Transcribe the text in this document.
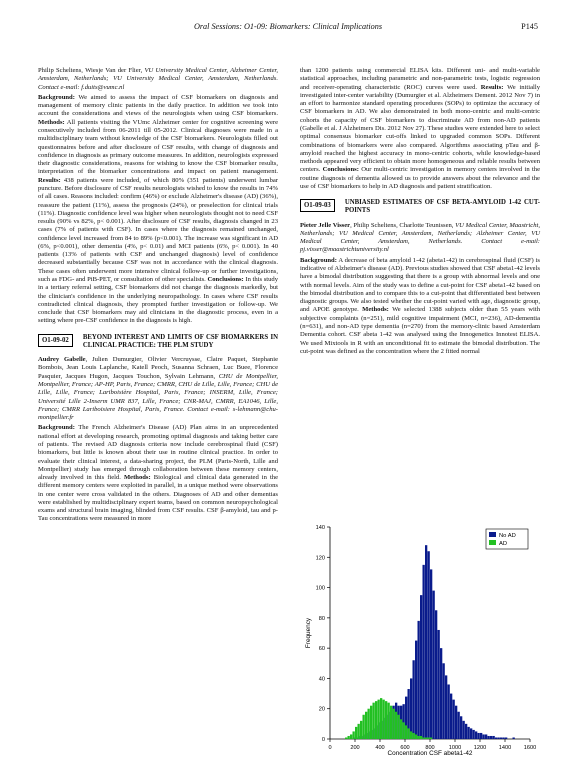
Oral Sessions: O1-09: Biomarkers: Clinical Implications	P145

Philip Scheltens, Wiesje Van der Flier, VU University Medical Center, Alzheimer Center, Amsterdam, Netherlands; VU University Medical Center, Amsterdam, Netherlands. Contact e-mail: f.duits@vumc.nl

Background: We aimed to assess the impact of CSF biomarkers on diagnosis and management of memory clinic patients in the daily practice. In addition we took into account the considerations and views of the neurologists when using CSF biomarkers. Methods: All patients visiting the VUmc Alzheimer center for cognitive screening were consecutively included from 06-2011 till 05-2012. Clinical diagnoses were made in a multidisciplinary team without knowledge of the CSF biomarkers. Neurologists filled out questionnaires before and after disclosure of CSF results, with change of diagnosis and confidence in diagnosis as primary outcome measures. In addition, neurologists expressed their diagnostic considerations, reasons for wishing to know the CSF biomarker results, interpretation of the biomarker concentrations and impact on patient management. Results: 438 patients were included, of which 80% (351 patients) underwent lumbar puncture. Before disclosure of CSF results neurologists wished to know the results in 74% of all cases. Reasons included: confirm (46%) or exclude Alzheimer's disease (AD) (36%), reassure the patient (11%), assess the prognosis (24%), or preselection for clinical trials (11%). Diagnostic confidence level was higher when neurologists thought not to need CSF results (90% vs 82%, p< 0.001). After disclosure of CSF results, diagnosis changed in 23 cases (7% of patients with CSF). In cases where the diagnosis remained unchanged, confidence level increased from 84 to 89% (p<0.001). The increase was significant in AD (6%, p<0.001), other dementia (4%, p< 0.01) and MCI patients (6%, p< 0.001). In 40 patients (13% of patients with CSF and unchanged diagnosis) level of confidence decreased substantially because CSF was not in accordance with the clinical diagnosis. These cases often underwent more intensive clinical follow-up or further investigations, such as FDG- and PiB-PET, or consultation of other specialists. Conclusions: In this study in a tertiary referral setting, CSF biomarkers did not change the diagnosis markedly, but the clinician's confidence in the underlying neuropathology. In cases where CSF results contradicted clinical diagnosis, they prompted further investigation or follow-up. We conclude that CSF biomarkers may aid clinicians in the diagnostic process, even in a setting where pre-CSF confidence in the diagnosis is high.

O1-09-02	BEYOND INTEREST AND LIMITS OF CSF BIOMARKERS IN CLINICAL PRACTICE: THE PLM STUDY

Audrey Gabelle, Julien Dumurgier, Olivier Vercruysse, Claire Paquet, Stephanie Bombois, Jean Louis Laplanche, Katell Peoch, Susanna Schraen, Luc Buee, Florence Pasquier, Jacques Hugon, Jacques Touchon, Sylvain Lehmann, CHU de Montpellier, Montpellier, France; AP-HP, Paris, France; CMRR, CHU de Lille, Lille, France; CHU de Lille, Lille, France; Lariboisière Hospital, Paris, France; INSERM, Lille, France; Université Lille 2-Inserm UMR 837, Lille, France; CNR-MAJ, CMRR, EA1046, Lille, France; CMRR Lariboisiere Hospital, Paris, France. Contact e-mail: s-lehmann@chu-montpellier.fr

Background: The French Alzheimer's Disease (AD) Plan aims in an unprecedented national effort at developing research, promoting optimal diagnosis and taking better care of patients. The revised AD diagnosis criteria now include cerebrospinal fluid (CSF) biomarkers, but little is known about their use in routine clinical practice. In order to evaluate their clinical interest, a data-sharing project, the PLM (Paris-North, Lille and Montpellier) study has emerged through collaboration between these memory centers, already involved in this field. Methods: Biological and clinical data generated in the different memory centers were exploited in parallel, in a unique method were observations in one center were cross validated in the others. Diagnoses of AD and other dementias were established by multidisciplinary expert teams, based on common neuropsychological exams and structural brain imaging, blinded from CSF results. CSF β-amyloid, tau and p-Tau concentrations were measured in more

than 1200 patients using commercial ELISA kits. Different uni- and multi-variable statistical approaches, including parametric and non-parametric tests, logistic regression and receiver-operating characteristic (ROC) curves were used. Results: We initially investigated inter-center variability (Dumurgier et al. Alzheimers Dement. 2012 Nov 7) in an effort to harmonize standard operating procedures (SOPs) to optimize the accuracy of CSF biomarkers in AD. We also demonstrated in both mono-centric and multi-centric cohorts the capacity of CSF biomarkers to discriminate AD from non-AD patients (Gabelle et al. J Alzheimers Dis. 2012 Nov 27). These studies were extended here to select optimal consensus biomarker cut-offs linked to upgraded common SOPs. Different combinations of biomarkers were also compared. Algorithms associating pTau and β-amyloid reached the highest accuracy in mono-centric cohorts, while knowledge-based methods appeared very efficient to obtain more homogeneous and reliable results between centers. Conclusions: Our multi-centric investigation in memory centers involved in the routine diagnosis of dementia allowed us to provide answers about the relevance and the use of CSF biomarkers to help in AD diagnosis and patient stratification.

O1-09-03	UNBIASED ESTIMATES OF CSF BETA-AMYLOID 1-42 CUT-POINTS

Pieter Jelle Visser, Philip Scheltens, Charlotte Teunissen, VU Medical Center, Maastricht, Netherlands; VU Medical Center, Amsterdam, Netherlands; Alzheimer Center, VU Medical Center, Amsterdam, Netherlands. Contact e-mail: pj.visser@maastrichtuniversity.nl

Background: A decrease of beta amyloid 1-42 (abeta1-42) in cerebrospinal fluid (CSF) is indicative of Alzheimer's disease (AD). Previous studies showed that CSF abeta1-42 levels have a bimodal distribution suggesting that there is a group with abnormal levels and one with normal levels. Aim of the study was to define a cut-point for CSF abeta1-42 based on the bimodal distribution and to compare this to a cut-point that differentiated best between diagnostic groups. We also tested whether the cut-point varied with age, diagnostic group, and APOE genotype. Methods: We selected 1388 subjects older than 55 years with subjective complaints (n=251), mild cognitive impairment (MCI, n=236), AD-dementia (n=631), and non-AD type dementia (n=270) from the memory-clinic based Amsterdam Dementia cohort. CSF abeta 1-42 was analysed using the Innogenetics Innotest ELISA. We used Mixtools in R with an unconditional fit to estimate the bimodal distribution. The cut-point was defined as the concentration where the 2 fitted normal

0	200	400	600	800	1000 1200 1400 1600
0
20
40
60
80
100
120
140
Concentration CSF abeta1-42
Frequency
No AD
AD
